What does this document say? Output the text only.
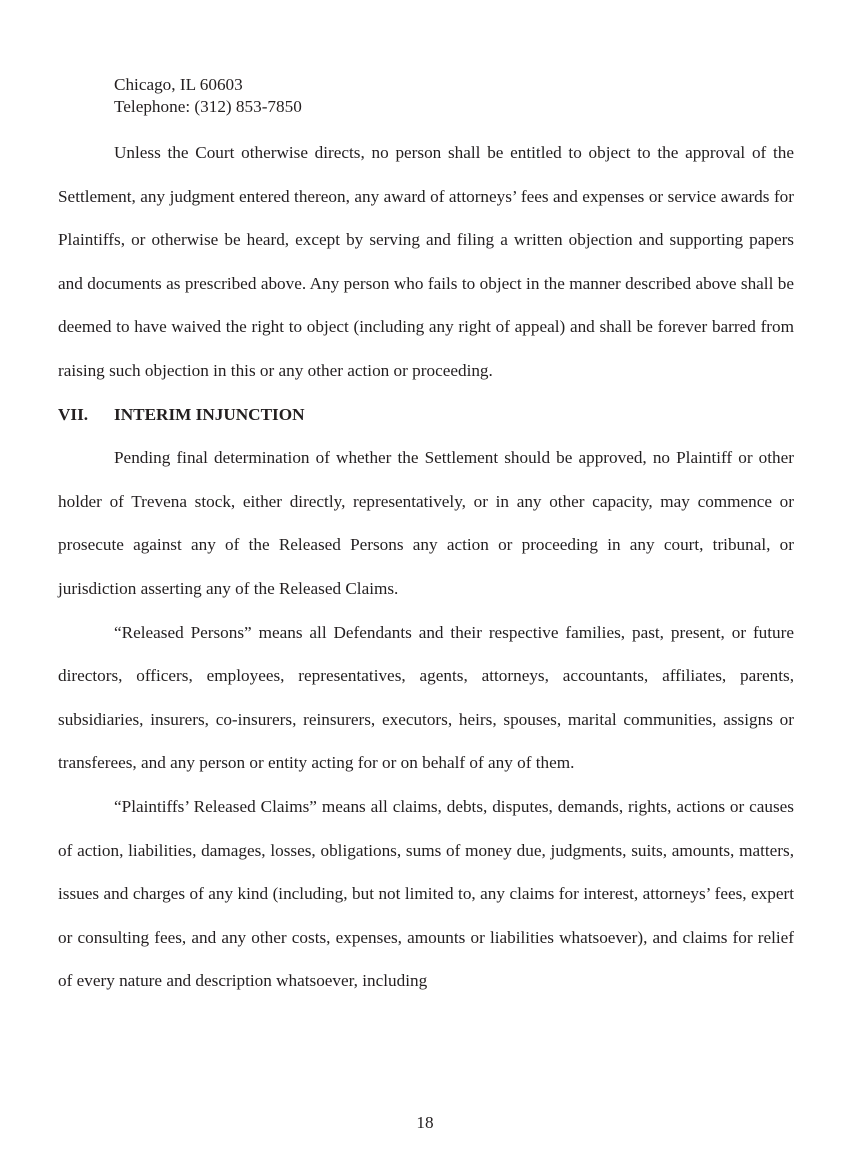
Chicago, IL 60603
Telephone: (312) 853-7850

Unless the Court otherwise directs, no person shall be entitled to object to the approval of the Settlement, any judgment entered thereon, any award of attorneys’ fees and expenses or service awards for Plaintiffs, or otherwise be heard, except by serving and filing a written objection and supporting papers and documents as prescribed above. Any person who fails to object in the manner described above shall be deemed to have waived the right to object (including any right of appeal) and shall be forever barred from raising such objection in this or any other action or proceeding.

VII. INTERIM INJUNCTION

Pending final determination of whether the Settlement should be approved, no Plaintiff or other holder of Trevena stock, either directly, representatively, or in any other capacity, may commence or prosecute against any of the Released Persons any action or proceeding in any court, tribunal, or jurisdiction asserting any of the Released Claims.

“Released Persons” means all Defendants and their respective families, past, present, or future directors, officers, employees, representatives, agents, attorneys, accountants, affiliates, parents, subsidiaries, insurers, co-insurers, reinsurers, executors, heirs, spouses, marital communities, assigns or transferees, and any person or entity acting for or on behalf of any of them.

“Plaintiffs’ Released Claims” means all claims, debts, disputes, demands, rights, actions or causes of action, liabilities, damages, losses, obligations, sums of money due, judgments, suits, amounts, matters, issues and charges of any kind (including, but not limited to, any claims for interest, attorneys’ fees, expert or consulting fees, and any other costs, expenses, amounts or liabilities whatsoever), and claims for relief of every nature and description whatsoever, including

18
